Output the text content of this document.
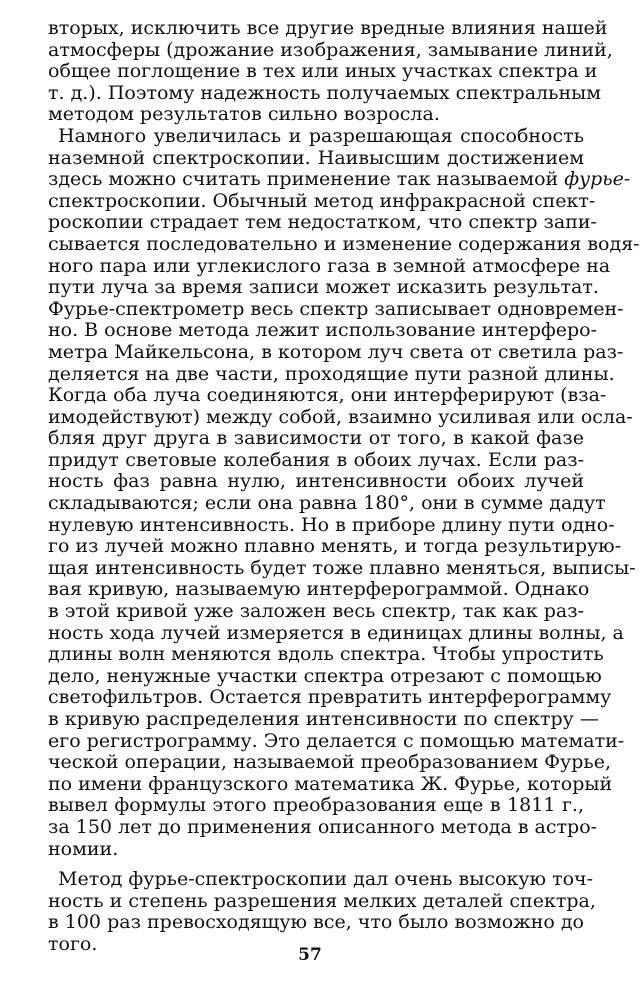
вторых, исключить все другие вредные влияния нашей
атмосферы (дрожание изображения, замывание линий,
общее поглощение в тех или иных участках спектра и
т. д.). Поэтому надежность получаемых спектральным
методом результатов сильно возросла.
Намного увеличилась и разрешающая способность
наземной спектроскопии. Наивысшим достижением
здесь можно считать применение так называемой фурье-
спектроскопии. Обычный метод инфракрасной спект-
роскопии страдает тем недостатком, что спектр запи-
сывается последовательно и изменение содержания водя-
ного пара или углекислого газа в земной атмосфере на
пути луча за время записи может исказить результат.
Фурье-спектрометр весь спектр записывает одновремен-
но. В основе метода лежит использование интерферо-
метра Майкельсона, в котором луч света от светила раз-
деляется на две части, проходящие пути разной длины.
Когда оба луча соединяются, они интерферируют (вза-
имодействуют) между собой, взаимно усиливая или осла-
бляя друг друга в зависимости от того, в какой фазе
придут световые колебания в обоих лучах. Если раз-
ность фаз равна нулю, интенсивности обоих лучей
складываются; если она равна 180°, они в сумме дадут
нулевую интенсивность. Но в приборе длину пути одно-
го из лучей можно плавно менять, и тогда результирую-
щая интенсивность будет тоже плавно меняться, выписы-
вая кривую, называемую интерферограммой. Однако
в этой кривой уже заложен весь спектр, так как раз-
ность хода лучей измеряется в единицах длины волны, а
длины волн меняются вдоль спектра. Чтобы упростить
дело, ненужные участки спектра отрезают с помощью
светофильтров. Остается превратить интерферограмму
в кривую распределения интенсивности по спектру —
его регистрограмму. Это делается с помощью математи-
ческой операции, называемой преобразованием Фурье,
по имени французского математика Ж. Фурье, который
вывел формулы этого преобразования еще в 1811 г.,
за 150 лет до применения описанного метода в астро-
номии.
Метод фурье-спектроскопии дал очень высокую точ-
ность и степень разрешения мелких деталей спектра,
в 100 раз превосходящую все, что было возможно до
того.
57
